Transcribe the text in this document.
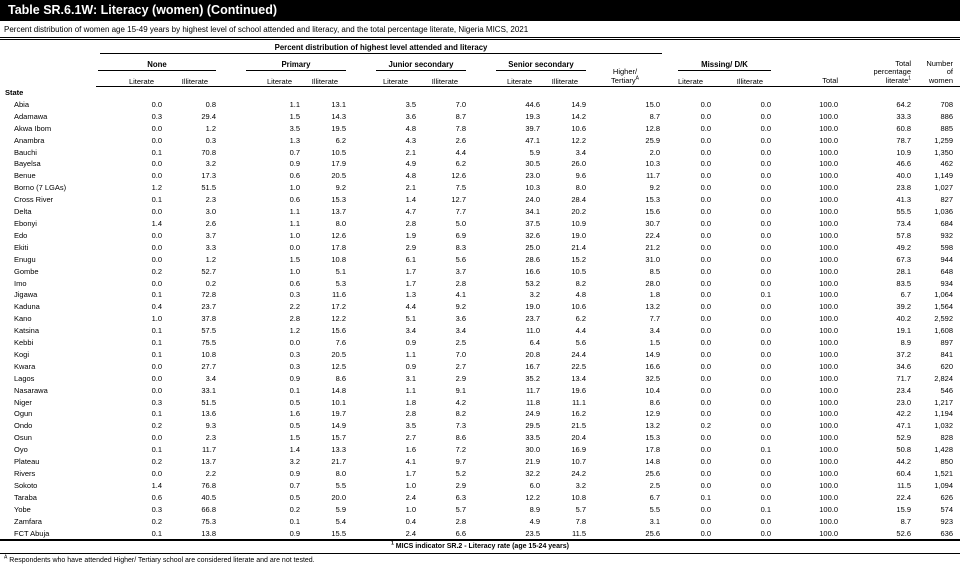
Table SR.6.1W: Literacy (women) (Continued)
Percent distribution of women age 15-49 years by highest level of school attended and literacy, and the total percentage literate, Nigeria MICS, 2021

	Percent distribution of highest level attended and literacy											Total	Total
percentage
literate$^1$	Number
of
women

	None		Primary		Junior secondary		Senior secondary		Higher/
Tertiary$^A$	Missing/ D/K				

	Literate	Illiterate	Literate	Illiterate	Literate	Illiterate	Literate	Illiterate		Literate	Illiterate			
State														
Abia	0.0	0.8	1.1	13.1	3.5	7.0	44.6	14.9	15.0	0.0	0.0	100.0	64.2	708
Adamawa	0.3	29.4	1.5	14.3	3.6	8.7	19.3	14.2	8.7	0.0	0.0	100.0	33.3	886
Akwa Ibom	0.0	1.2	3.5	19.5	4.8	7.8	39.7	10.6	12.8	0.0	0.0	100.0	60.8	885
Anambra	0.0	0.3	1.3	6.2	4.3	2.6	47.1	12.2	25.9	0.0	0.0	100.0	78.7	1,259
Bauchi	0.1	70.8	0.7	10.5	2.1	4.4	5.9	3.4	2.0	0.0	0.0	100.0	10.9	1,350
Bayelsa	0.0	3.2	0.9	17.9	4.9	6.2	30.5	26.0	10.3	0.0	0.0	100.0	46.6	462
Benue	0.0	17.3	0.6	20.5	4.8	12.6	23.0	9.6	11.7	0.0	0.0	100.0	40.0	1,149
Borno (7 LGAs)	1.2	51.5	1.0	9.2	2.1	7.5	10.3	8.0	9.2	0.0	0.0	100.0	23.8	1,027
Cross River	0.1	2.3	0.6	15.3	1.4	12.7	24.0	28.4	15.3	0.0	0.0	100.0	41.3	827
Delta	0.0	3.0	1.1	13.7	4.7	7.7	34.1	20.2	15.6	0.0	0.0	100.0	55.5	1,036
Ebonyi	1.4	2.6	1.1	8.0	2.8	5.0	37.5	10.9	30.7	0.0	0.0	100.0	73.4	684
Edo	0.0	3.7	1.0	12.6	1.9	6.9	32.6	19.0	22.4	0.0	0.0	100.0	57.8	932
Ekiti	0.0	3.3	0.0	17.8	2.9	8.3	25.0	21.4	21.2	0.0	0.0	100.0	49.2	598
Enugu	0.0	1.2	1.5	10.8	6.1	5.6	28.6	15.2	31.0	0.0	0.0	100.0	67.3	944
Gombe	0.2	52.7	1.0	5.1	1.7	3.7	16.6	10.5	8.5	0.0	0.0	100.0	28.1	648
Imo	0.0	0.2	0.6	5.3	1.7	2.8	53.2	8.2	28.0	0.0	0.0	100.0	83.5	934
Jigawa	0.1	72.8	0.3	11.6	1.3	4.1	3.2	4.8	1.8	0.0	0.1	100.0	6.7	1,064
Kaduna	0.4	23.7	2.2	17.2	4.4	9.2	19.0	10.6	13.2	0.0	0.0	100.0	39.2	1,564
Kano	1.0	37.8	2.8	12.2	5.1	3.6	23.7	6.2	7.7	0.0	0.0	100.0	40.2	2,592
Katsina	0.1	57.5	1.2	15.6	3.4	3.4	11.0	4.4	3.4	0.0	0.0	100.0	19.1	1,608
Kebbi	0.1	75.5	0.0	7.6	0.9	2.5	6.4	5.6	1.5	0.0	0.0	100.0	8.9	897
Kogi	0.1	10.8	0.3	20.5	1.1	7.0	20.8	24.4	14.9	0.0	0.0	100.0	37.2	841
Kwara	0.0	27.7	0.3	12.5	0.9	2.7	16.7	22.5	16.6	0.0	0.0	100.0	34.6	620
Lagos	0.0	3.4	0.9	8.6	3.1	2.9	35.2	13.4	32.5	0.0	0.0	100.0	71.7	2,824
Nasarawa	0.0	33.1	0.1	14.8	1.1	9.1	11.7	19.6	10.4	0.0	0.0	100.0	23.4	546
Niger	0.3	51.5	0.5	10.1	1.8	4.2	11.8	11.1	8.6	0.0	0.0	100.0	23.0	1,217
Ogun	0.1	13.6	1.6	19.7	2.8	8.2	24.9	16.2	12.9	0.0	0.0	100.0	42.2	1,194
Ondo	0.2	9.3	0.5	14.9	3.5	7.3	29.5	21.5	13.2	0.2	0.0	100.0	47.1	1,032
Osun	0.0	2.3	1.5	15.7	2.7	8.6	33.5	20.4	15.3	0.0	0.0	100.0	52.9	828
Oyo	0.1	11.7	1.4	13.3	1.6	7.2	30.0	16.9	17.8	0.0	0.1	100.0	50.8	1,428
Plateau	0.2	13.7	3.2	21.7	4.1	9.7	21.9	10.7	14.8	0.0	0.0	100.0	44.2	850
Rivers	0.0	2.2	0.9	8.0	1.7	5.2	32.2	24.2	25.6	0.0	0.0	100.0	60.4	1,521
Sokoto	1.4	76.8	0.7	5.5	1.0	2.9	6.0	3.2	2.5	0.0	0.0	100.0	11.5	1,094
Taraba	0.6	40.5	0.5	20.0	2.4	6.3	12.2	10.8	6.7	0.1	0.0	100.0	22.4	626
Yobe	0.3	66.8	0.2	5.9	1.0	5.7	8.9	5.7	5.5	0.0	0.1	100.0	15.9	574
Zamfara	0.2	75.3	0.1	5.4	0.4	2.8	4.9	7.8	3.1	0.0	0.0	100.0	8.7	923
FCT Abuja	0.1	13.8	0.9	15.5	2.4	6.6	23.5	11.5	25.6	0.0	0.0	100.0	52.6	636
$^1$ MICS indicator SR.2 - Literacy rate (age 15-24 years)
$^A$ Respondents who have attended Higher/ Tertiary school are considered literate and are not tested.
